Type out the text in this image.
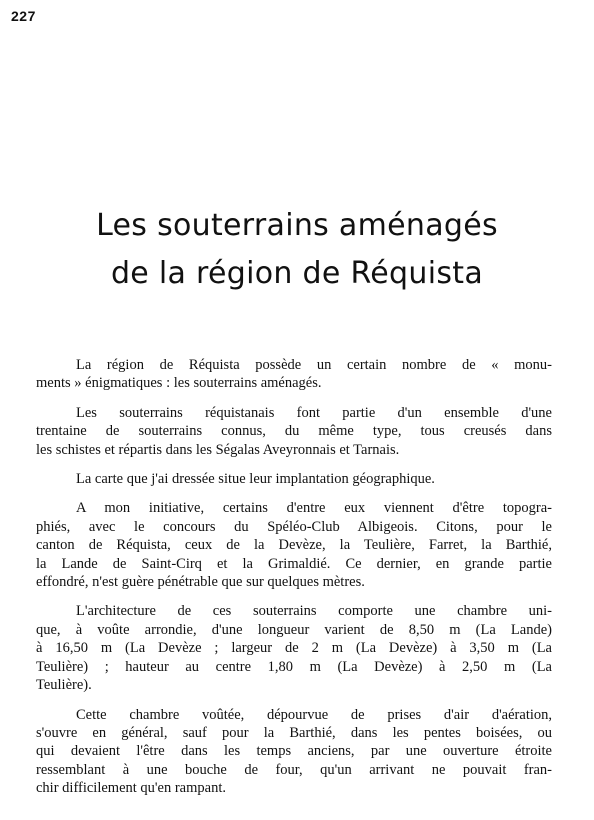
227
Les souterrains aménagés
de la région de Réquista

La région de Réquista possède un certain nombre de « monu-
ments » énigmatiques : les souterrains aménagés.

Les souterrains réquistanais font partie d'un ensemble d'une
trentaine de souterrains connus, du même type, tous creusés dans
les schistes et répartis dans les Ségalas Aveyronnais et Tarnais.

La carte que j'ai dressée situe leur implantation géographique.

A mon initiative, certains d'entre eux viennent d'être topogra-
phiés, avec le concours du Spéléo-Club Albigeois. Citons, pour le
canton de Réquista, ceux de la Devèze, la Teulière, Farret, la Barthié,
la Lande de Saint-Cirq et la Grimaldié. Ce dernier, en grande partie
effondré, n'est guère pénétrable que sur quelques mètres.

L'architecture de ces souterrains comporte une chambre uni-
que, à voûte arrondie, d'une longueur varient de 8,50 m (La Lande)
à 16,50 m (La Devèze ; largeur de 2 m (La Devèze) à 3,50 m (La
Teulière) ; hauteur au centre 1,80 m (La Devèze) à 2,50 m (La
Teulière).

Cette chambre voûtée, dépourvue de prises d'air d'aération,
s'ouvre en général, sauf pour la Barthié, dans les pentes boisées, ou
qui devaient l'être dans les temps anciens, par une ouverture étroite
ressemblant à une bouche de four, qu'un arrivant ne pouvait fran-
chir difficilement qu'en rampant.
